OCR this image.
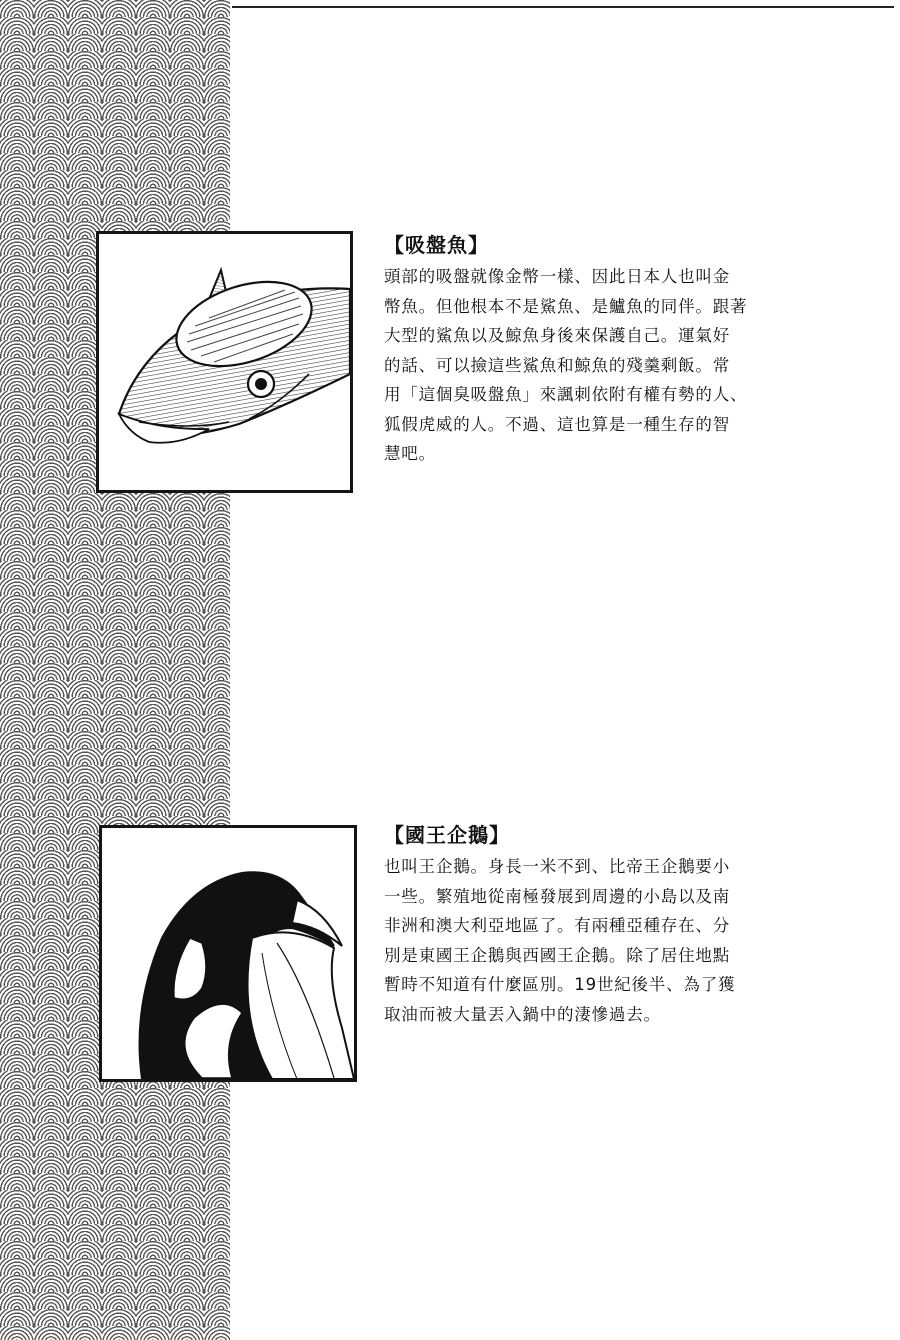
【吸盤魚】
頭部的吸盤就像金幣一樣、因此日本人也叫金
幣魚。但他根本不是鯊魚、是鱸魚的同伴。跟著
大型的鯊魚以及鯨魚身後來保護自己。運氣好
的話、可以撿這些鯊魚和鯨魚的殘羹剩飯。常
用「這個臭吸盤魚」來諷刺依附有權有勢的人、
狐假虎威的人。不過、這也算是一種生存的智
慧吧。
【國王企鵝】
也叫王企鵝。身長一米不到、比帝王企鵝要小
一些。繁殖地從南極發展到周邊的小島以及南
非洲和澳大利亞地區了。有兩種亞種存在、分
別是東國王企鵝與西國王企鵝。除了居住地點
暫時不知道有什麼區別。19世紀後半、為了獲
取油而被大量丟入鍋中的淒慘過去。
